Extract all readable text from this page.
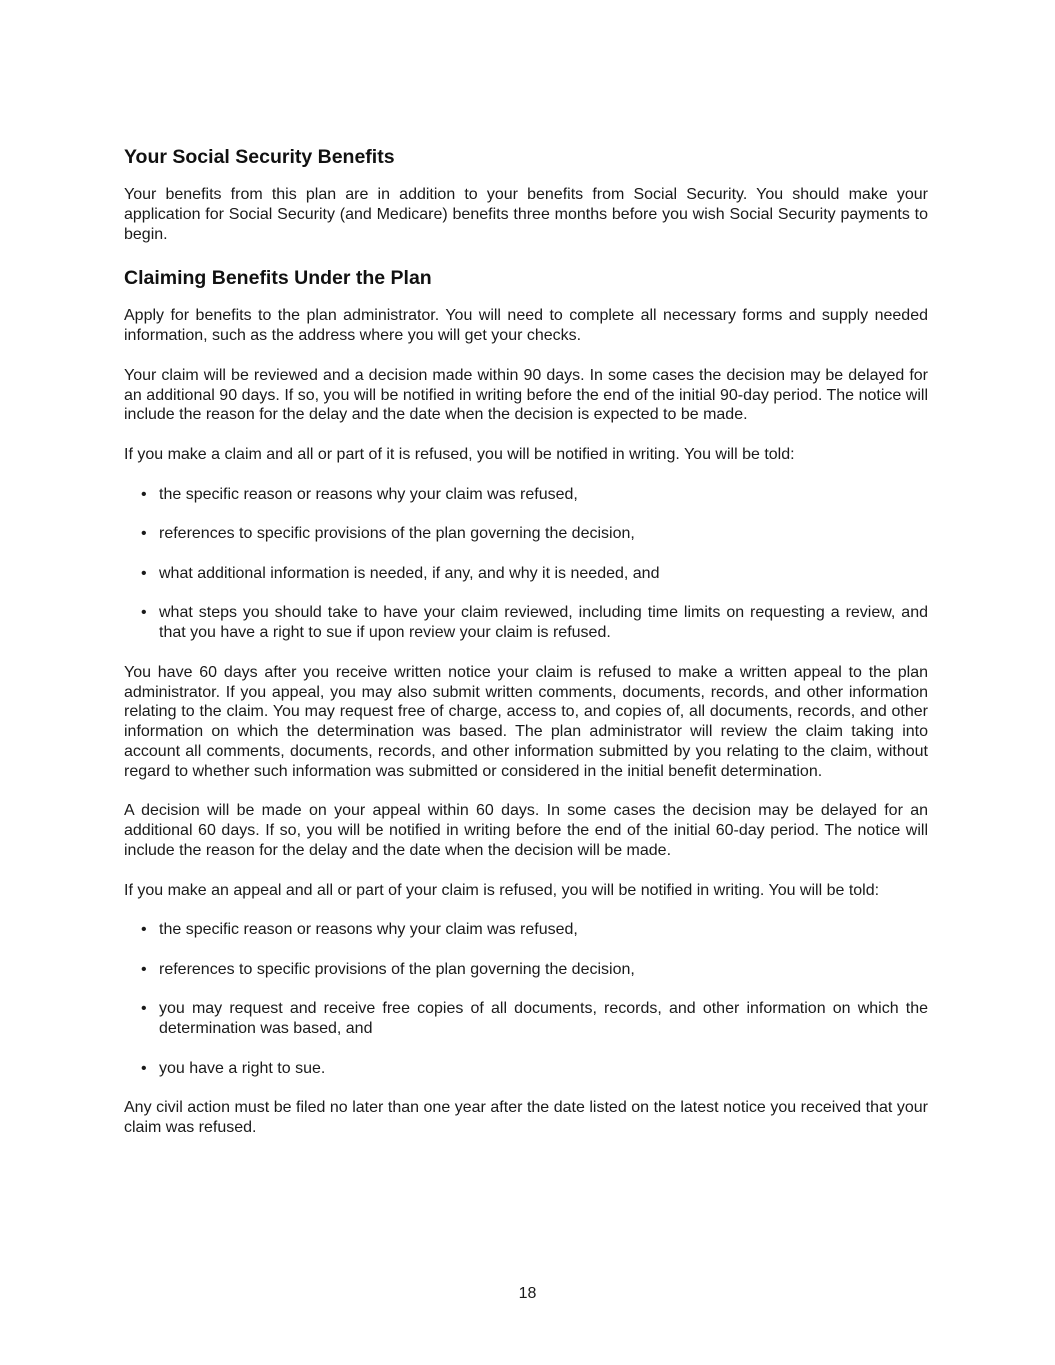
Your Social Security Benefits

Your benefits from this plan are in addition to your benefits from Social Security. You should make your application for Social Security (and Medicare) benefits three months before you wish Social Security payments to begin.

Claiming Benefits Under the Plan

Apply for benefits to the plan administrator. You will need to complete all necessary forms and supply needed information, such as the address where you will get your checks.

Your claim will be reviewed and a decision made within 90 days. In some cases the decision may be delayed for an additional 90 days. If so, you will be notified in writing before the end of the initial 90-day period. The notice will include the reason for the delay and the date when the decision is expected to be made.

If you make a claim and all or part of it is refused, you will be notified in writing. You will be told:

• the specific reason or reasons why your claim was refused,
• references to specific provisions of the plan governing the decision,
• what additional information is needed, if any, and why it is needed, and
• what steps you should take to have your claim reviewed, including time limits on requesting a review, and that you have a right to sue if upon review your claim is refused.

You have 60 days after you receive written notice your claim is refused to make a written appeal to the plan administrator. If you appeal, you may also submit written comments, documents, records, and other information relating to the claim. You may request free of charge, access to, and copies of, all documents, records, and other information on which the determination was based. The plan administrator will review the claim taking into account all comments, documents, records, and other information submitted by you relating to the claim, without regard to whether such information was submitted or considered in the initial benefit determination.

A decision will be made on your appeal within 60 days. In some cases the decision may be delayed for an additional 60 days. If so, you will be notified in writing before the end of the initial 60-day period. The notice will include the reason for the delay and the date when the decision will be made.

If you make an appeal and all or part of your claim is refused, you will be notified in writing. You will be told:

• the specific reason or reasons why your claim was refused,
• references to specific provisions of the plan governing the decision,
• you may request and receive free copies of all documents, records, and other information on which the determination was based, and
• you have a right to sue.

Any civil action must be filed no later than one year after the date listed on the latest notice you received that your claim was refused.

18
